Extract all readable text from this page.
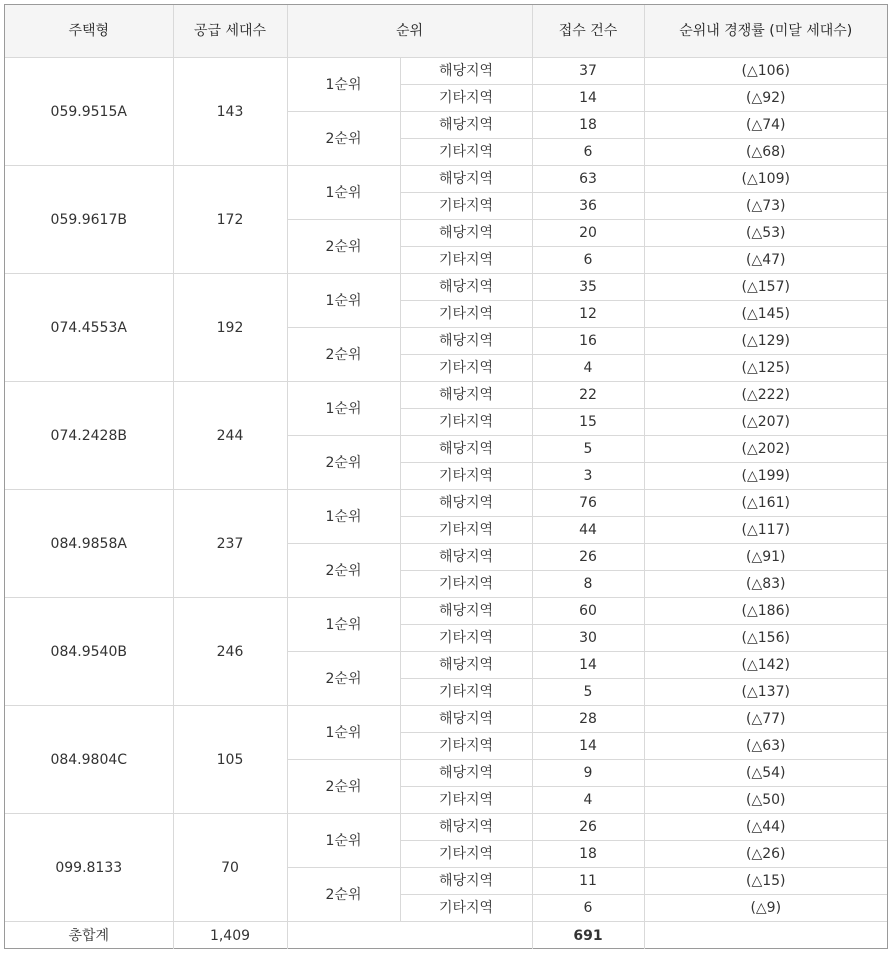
주택형	공급 세대수	순위		접수 건수	순위내 경쟁률 (미달 세대수)
059.9515A	143	1순위	해당지역	37	(△106)
			기타지역	14	(△92)
		2순위	해당지역	18	(△74)
			기타지역	6	(△68)
059.9617B	172	1순위	해당지역	63	(△109)
			기타지역	36	(△73)
		2순위	해당지역	20	(△53)
			기타지역	6	(△47)
074.4553A	192	1순위	해당지역	35	(△157)
			기타지역	12	(△145)
		2순위	해당지역	16	(△129)
			기타지역	4	(△125)
074.2428B	244	1순위	해당지역	22	(△222)
			기타지역	15	(△207)
		2순위	해당지역	5	(△202)
			기타지역	3	(△199)
084.9858A	237	1순위	해당지역	76	(△161)
			기타지역	44	(△117)
		2순위	해당지역	26	(△91)
			기타지역	8	(△83)
084.9540B	246	1순위	해당지역	60	(△186)
			기타지역	30	(△156)
		2순위	해당지역	14	(△142)
			기타지역	5	(△137)
084.9804C	105	1순위	해당지역	28	(△77)
			기타지역	14	(△63)
		2순위	해당지역	9	(△54)
			기타지역	4	(△50)
099.8133	70	1순위	해당지역	26	(△44)
			기타지역	18	(△26)
		2순위	해당지역	11	(△15)
			기타지역	6	(△9)
총합계	1,409			691	
